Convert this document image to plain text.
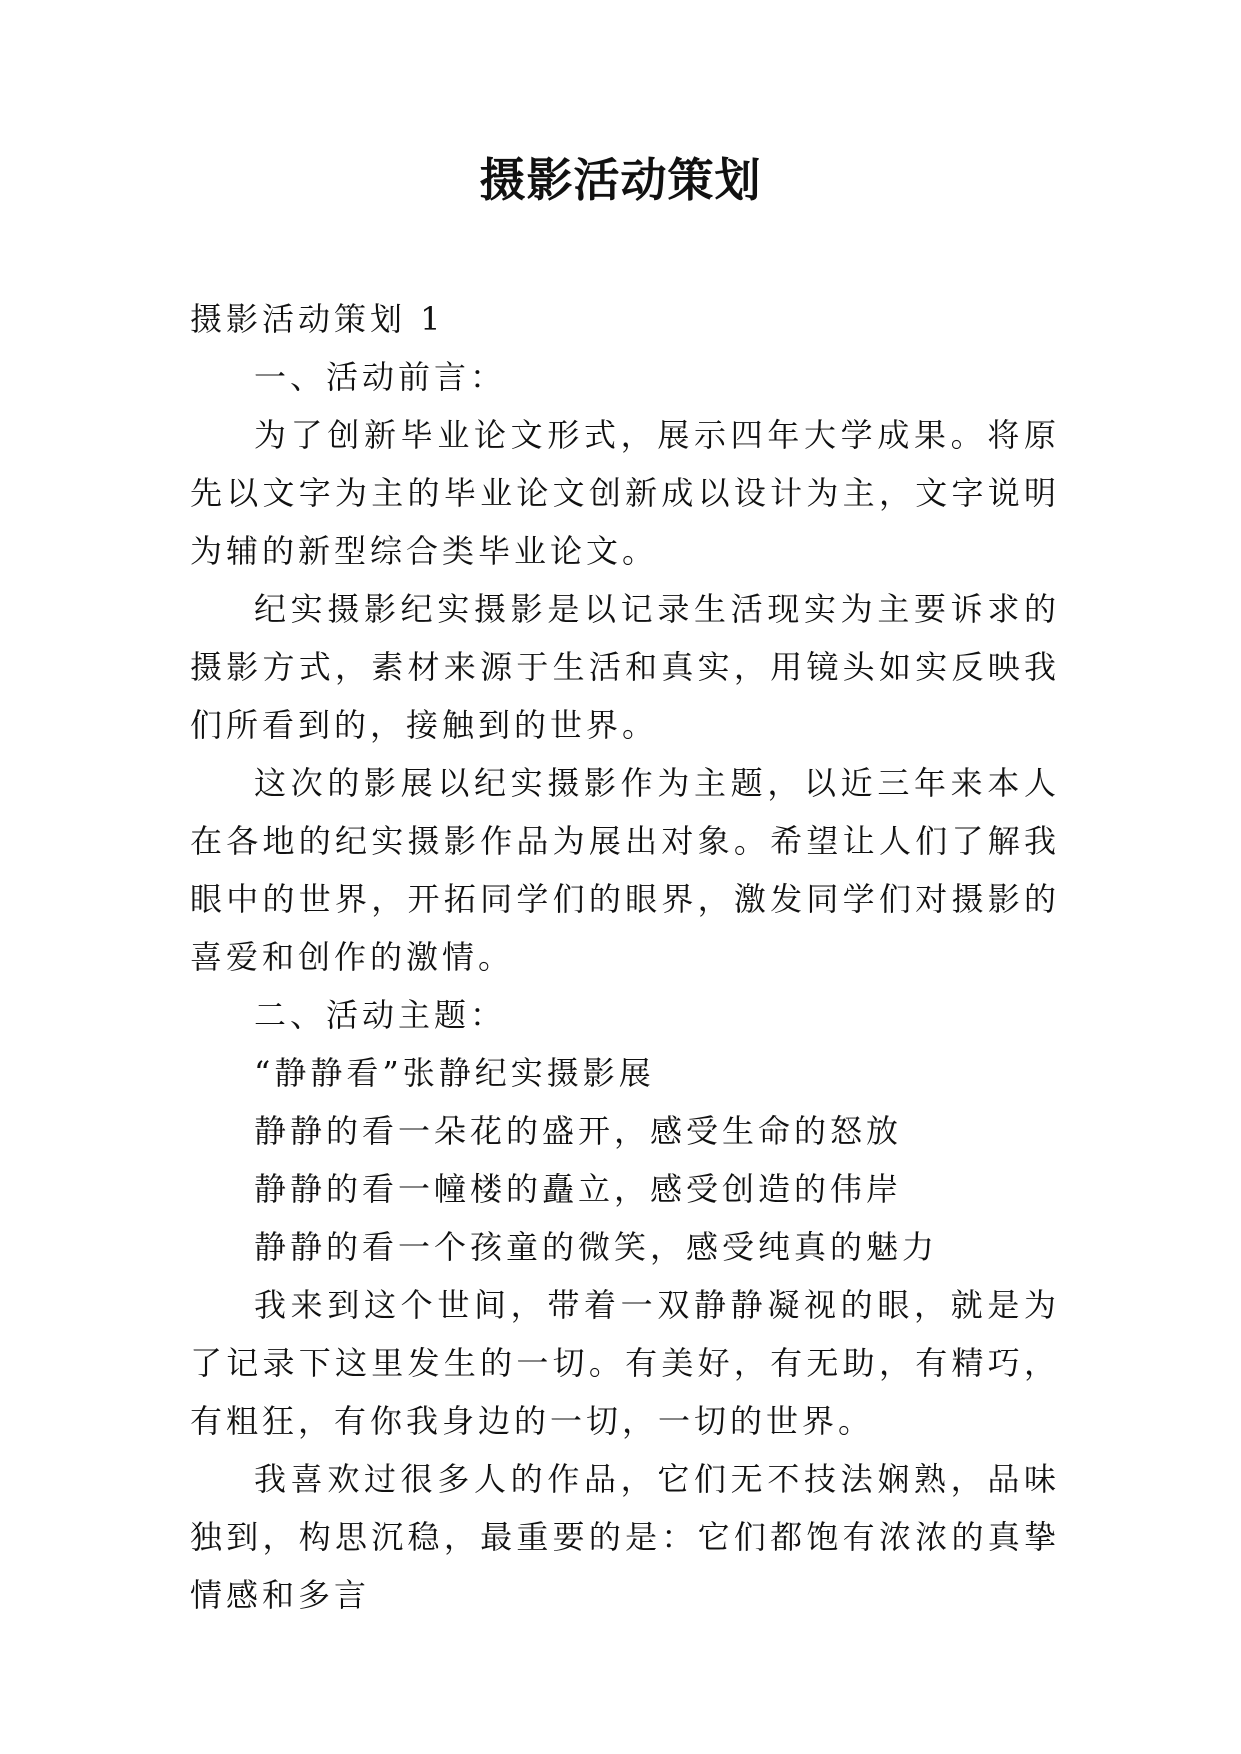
摄影活动策划

摄影活动策划 1

一、活动前言：

为了创新毕业论文形式，展示四年大学成果。将原先以文字为主的毕业论文创新成以设计为主，文字说明为辅的新型综合类毕业论文。

纪实摄影纪实摄影是以记录生活现实为主要诉求的摄影方式，素材来源于生活和真实，用镜头如实反映我们所看到的，接触到的世界。

这次的影展以纪实摄影作为主题，以近三年来本人在各地的纪实摄影作品为展出对象。希望让人们了解我眼中的世界，开拓同学们的眼界，激发同学们对摄影的喜爱和创作的激情。

二、活动主题：

“静静看”张静纪实摄影展

静静的看一朵花的盛开，感受生命的怒放

静静的看一幢楼的矗立，感受创造的伟岸

静静的看一个孩童的微笑，感受纯真的魅力

我来到这个世间，带着一双静静凝视的眼，就是为了记录下这里发生的一切。有美好，有无助，有精巧，有粗狂，有你我身边的一切，一切的世界。

我喜欢过很多人的作品，它们无不技法娴熟，品味独到，构思沉稳，最重要的是：它们都饱有浓浓的真挚情感和多言
